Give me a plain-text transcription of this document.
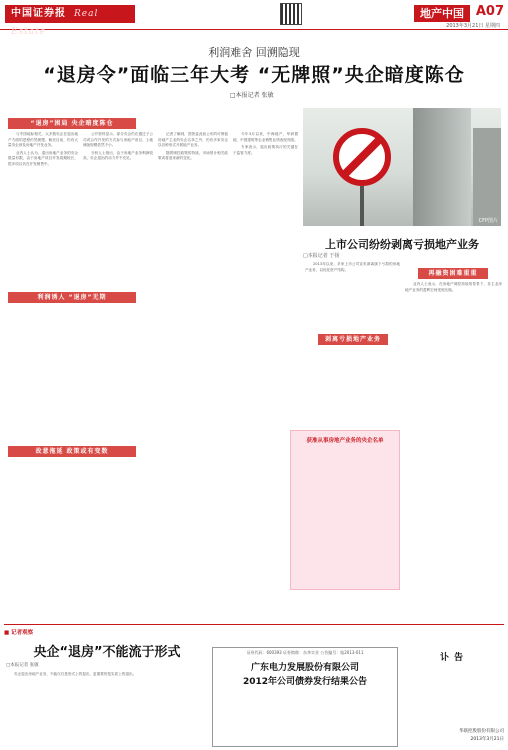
中国证券报 Real Estate
地产中国 A07
2013年3月21日 星期四
利润难舍 回溯隐现
“退房令”面临三年大考 “无牌照”央企暗度陈仓
□本报记者 张敏
“退房”困局 央企暗度陈仓

与中国地标相关，大多数央企在退出地产方面的进程仍然缓慢，截至目前，仍有大量央企涉及房地产开发业务。

业内人士认为，退出房地产业务的央企数量有限，由于房地产项目开发周期较长，很多项目仍在开发销售中。

公开资料显示，部分央企仍在通过子公司或合作开发的方式参与房地产项目，土地储备规模依然不小。

分析人士指出，由于房地产业务利润较高，央企退出的动力并不充足。

记者了解到，国资委此前公布的可保留房地产主业的央企名单之外，仍有多家央企以各种形式开展地产业务。

随着调控政策的持续，市场预计相关政策或将迎来新的变化。

今年3月以来，中海地产、华润置地、中国建筑等企业销售业绩表现亮眼。

专家表示，退出政策执行的关键在于监管力度。

利润诱人 “退房”无期
故意拖延 政策或有变数
CFP图片
上市公司纷纷剥离亏损地产业务
□本报记者 于扬
剥离亏损地产业务
再融资困难重重

2013年以来，多家上市公司宣布剥离旗下亏损的房地产业务，以优化资产结构。

业内人士表示，在房地产调控持续的背景下，非主业房地产业务的盈利空间受到压缩。

获准从事房地产业务的央企名单
■ 记者观察
央企“退房”不能流于形式
□本报记者 张敏

央企退出房地产业务，不能仅仅是形式上的退出，更重要的是实质上的退出。

证券代码：600393 证券简称：东华实业 公告编号：临2013-011
广东电力发展股份有限公司
2012年公司债券发行结果公告
讣告
华联控股股份有限公司
2013年3月21日
